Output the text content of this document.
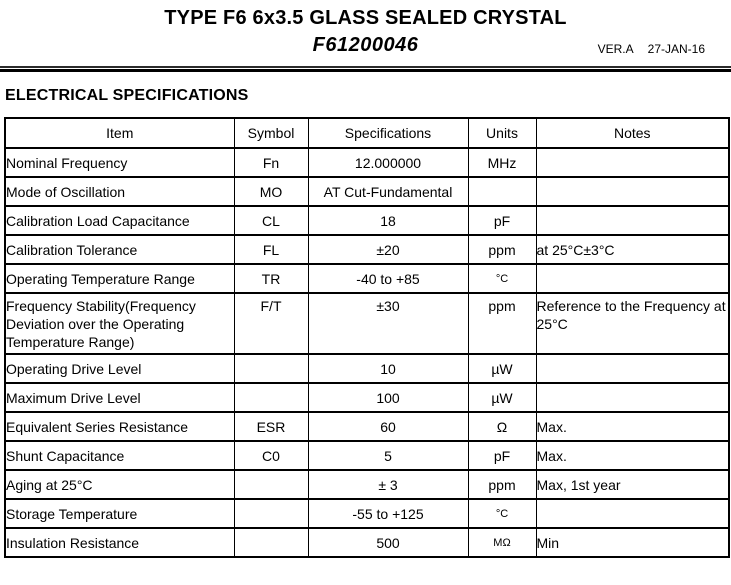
TYPE F6 6x3.5 GLASS SEALED CRYSTAL
F61200046	VER.A 27-JAN-16
ELECTRICAL SPECIFICATIONS
Item	Symbol	Specifications	Units	Notes
Nominal Frequency	Fn	12.000000	MHz	
Mode of Oscillation	MO	AT Cut-Fundamental		
Calibration Load Capacitance	CL	18	pF	
Calibration Tolerance	FL	±20	ppm	at 25°C±3°C
Operating Temperature Range	TR	-40 to +85	°C	
Frequency Stability(Frequency Deviation over the Operating Temperature Range)	F/T	±30	ppm	Reference to the Frequency at 25°C
Operating Drive Level		10	µW	
Maximum Drive Level		100	µW	
Equivalent Series Resistance	ESR	60	Ω	Max.
Shunt Capacitance	C0	5	pF	Max.
Aging at 25°C		± 3	ppm	Max, 1st year
Storage Temperature		-55 to +125	°C	
Insulation Resistance		500	MΩ	Min
